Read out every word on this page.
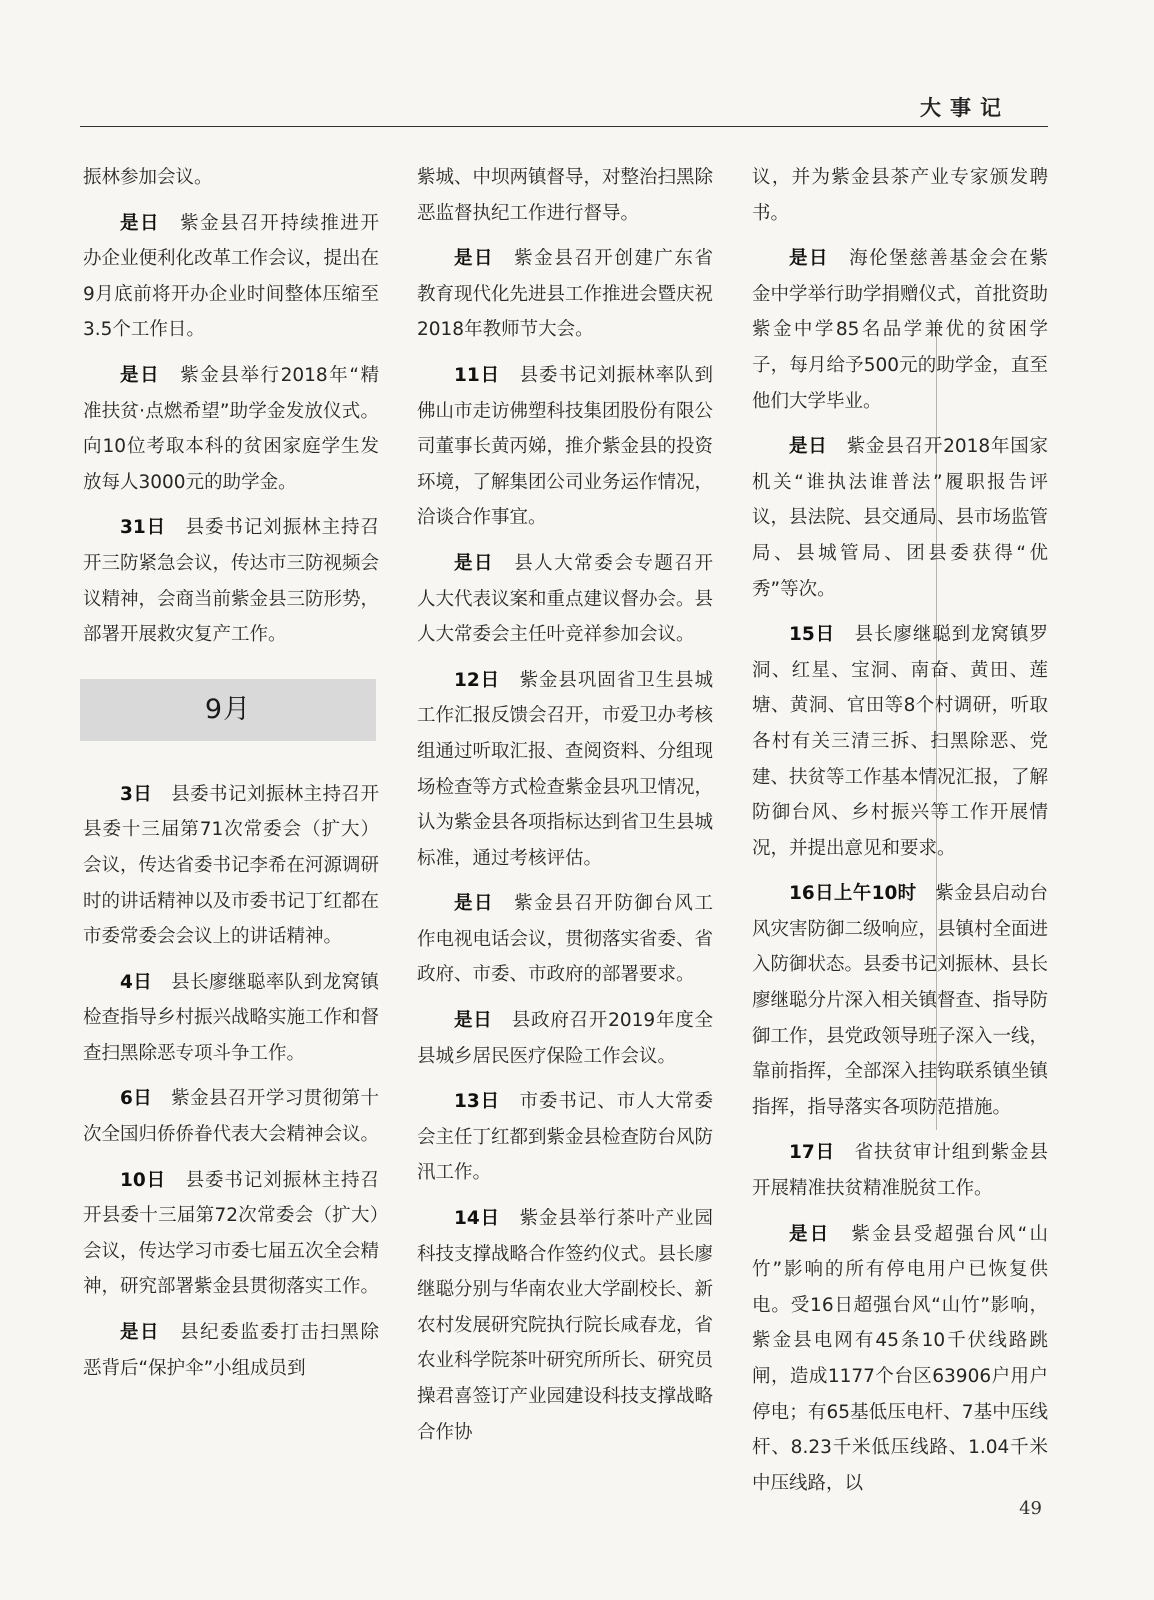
大事记

振林参加会议。

是日　 紫金县召开持续推进开办企业便利化改革工作会议，提出在9月底前将开办企业时间整体压缩至3.5个工作日。

是日　 紫金县举行2018年“精准扶贫·点燃希望”助学金发放仪式。向10位考取本科的贫困家庭学生发放每人3000元的助学金。

31日　 县委书记刘振林主持召开三防紧急会议，传达市三防视频会议精神，会商当前紫金县三防形势，部署开展救灾复产工作。

9月

3日　 县委书记刘振林主持召开县委十三届第71次常委会（扩大）会议，传达省委书记李希在河源调研时的讲话精神以及市委书记丁红都在市委常委会会议上的讲话精神。

4日　 县长廖继聪率队到龙窝镇检查指导乡村振兴战略实施工作和督查扫黑除恶专项斗争工作。

6日　 紫金县召开学习贯彻第十次全国归侨侨眷代表大会精神会议。

10日　 县委书记刘振林主持召开县委十三届第72次常委会（扩大）会议，传达学习市委七届五次全会精神，研究部署紫金县贯彻落实工作。

是日　 县纪委监委打击扫黑除恶背后“保护伞”小组成员到

紫城、中坝两镇督导，对整治扫黑除恶监督执纪工作进行督导。

是日　 紫金县召开创建广东省教育现代化先进县工作推进会暨庆祝2018年教师节大会。

11日　 县委书记刘振林率队到佛山市走访佛塑科技集团股份有限公司董事长黄丙娣，推介紫金县的投资环境，了解集团公司业务运作情况，洽谈合作事宜。

是日　 县人大常委会专题召开人大代表议案和重点建议督办会。县人大常委会主任叶竞祥参加会议。

12日　 紫金县巩固省卫生县城工作汇报反馈会召开，市爱卫办考核组通过听取汇报、查阅资料、分组现场检查等方式检查紫金县巩卫情况，认为紫金县各项指标达到省卫生县城标准，通过考核评估。

是日　 紫金县召开防御台风工作电视电话会议，贯彻落实省委、省政府、市委、市政府的部署要求。

是日　 县政府召开2019年度全县城乡居民医疗保险工作会议。

13日　 市委书记、市人大常委会主任丁红都到紫金县检查防台风防汛工作。

14日　 紫金县举行茶叶产业园科技支撑战略合作签约仪式。县长廖继聪分别与华南农业大学副校长、新农村发展研究院执行院长咸春龙，省农业科学院茶叶研究所所长、研究员操君喜签订产业园建设科技支撑战略合作协

议，并为紫金县茶产业专家颁发聘书。

是日　 海伦堡慈善基金会在紫金中学举行助学捐赠仪式，首批资助紫金中学85名品学兼优的贫困学子，每月给予500元的助学金，直至他们大学毕业。

是日　 紫金县召开2018年国家机关“谁执法谁普法”履职报告评议，县法院、县交通局、县市场监管局、县城管局、团县委获得“优秀”等次。

15日　 县长廖继聪到龙窝镇罗洞、红星、宝洞、南奋、黄田、莲塘、黄洞、官田等8个村调研，听取各村有关三清三拆、扫黑除恶、党建、扶贫等工作基本情况汇报，了解防御台风、乡村振兴等工作开展情况，并提出意见和要求。

16日上午10时　 紫金县启动台风灾害防御二级响应，县镇村全面进入防御状态。县委书记刘振林、县长廖继聪分片深入相关镇督查、指导防御工作，县党政领导班子深入一线，靠前指挥，全部深入挂钩联系镇坐镇指挥，指导落实各项防范措施。

17日　 省扶贫审计组到紫金县开展精准扶贫精准脱贫工作。

是日　 紫金县受超强台风“山竹”影响的所有停电用户已恢复供电。受16日超强台风“山竹”影响，紫金县电网有45条10千伏线路跳闸，造成1177个台区63906户用户停电；有65基低压电杆、7基中压线杆、8.23千米低压线路、1.04千米中压线路，以

49
